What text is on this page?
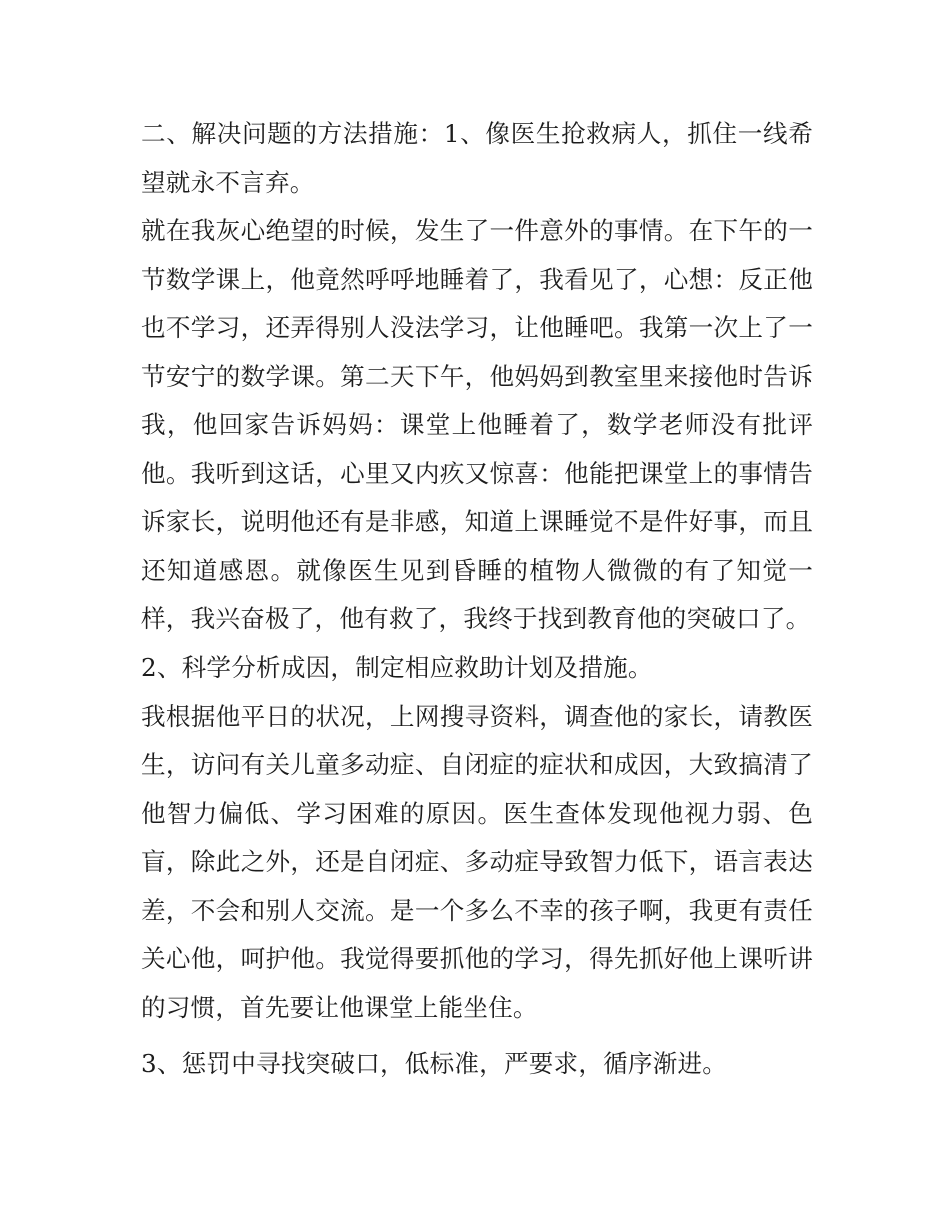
二、解决问题的方法措施：1、像医生抢救病人，抓住一线希望就永不言弃。

就在我灰心绝望的时候，发生了一件意外的事情。在下午的一节数学课上，他竟然呼呼地睡着了，我看见了，心想：反正他也不学习，还弄得别人没法学习，让他睡吧。我第一次上了一节安宁的数学课。第二天下午，他妈妈到教室里来接他时告诉我，他回家告诉妈妈：课堂上他睡着了，数学老师没有批评他。我听到这话，心里又内疚又惊喜：他能把课堂上的事情告诉家长，说明他还有是非感，知道上课睡觉不是件好事，而且还知道感恩。就像医生见到昏睡的植物人微微的有了知觉一样，我兴奋极了，他有救了，我终于找到教育他的突破口了。

2、科学分析成因，制定相应救助计划及措施。

我根据他平日的状况，上网搜寻资料，调查他的家长，请教医生，访问有关儿童多动症、自闭症的症状和成因，大致搞清了他智力偏低、学习困难的原因。医生查体发现他视力弱、色盲，除此之外，还是自闭症、多动症导致智力低下，语言表达差，不会和别人交流。是一个多么不幸的孩子啊，我更有责任关心他，呵护他。我觉得要抓他的学习，得先抓好他上课听讲的习惯，首先要让他课堂上能坐住。

3、惩罚中寻找突破口，低标准，严要求，循序渐进。
